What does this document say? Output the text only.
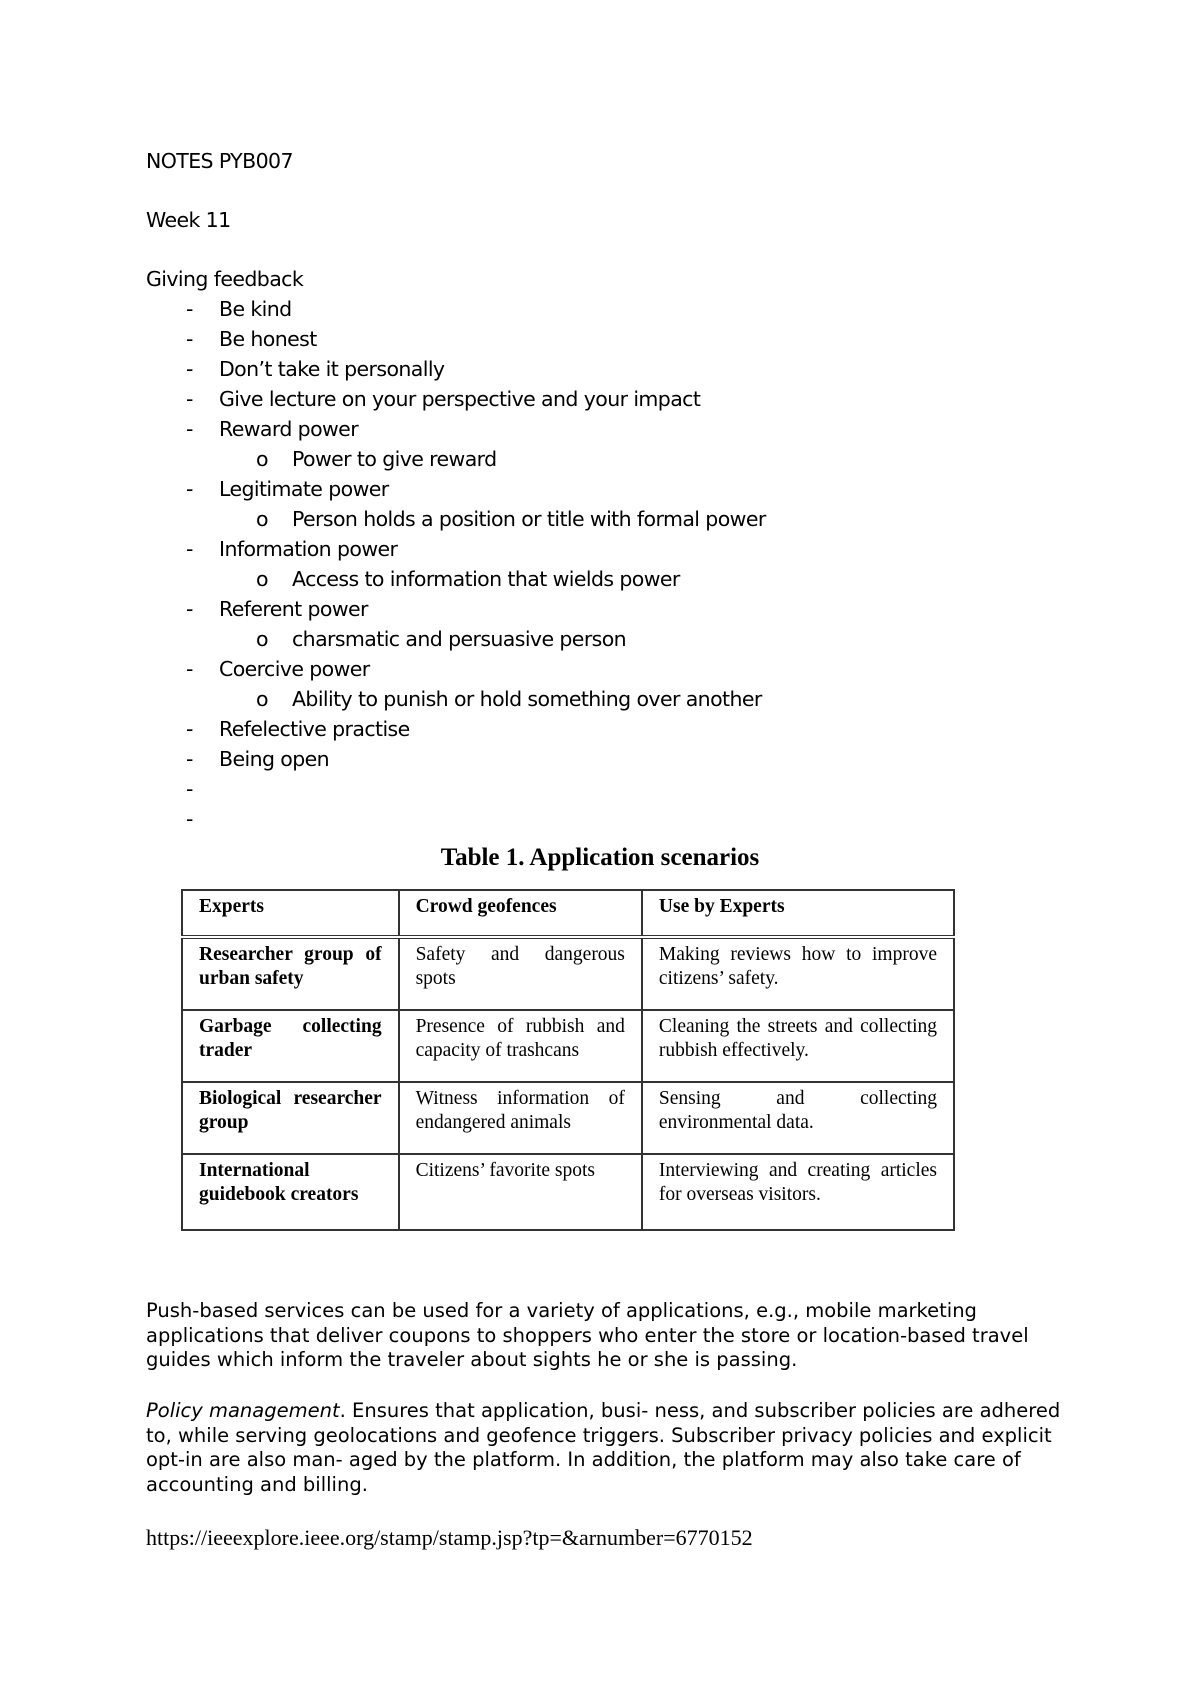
NOTES PYB007
Week 11
Giving feedback
- Be kind
- Be honest
- Don’t take it personally
- Give lecture on your perspective and your impact
- Reward power
o Power to give reward
- Legitimate power
o Person holds a position or title with formal power
- Information power
o Access to information that wields power
- Referent power
o charsmatic and persuasive person
- Coercive power
o Ability to punish or hold something over another
- Refelective practise
- Being open
-
-
Table 1. Application scenarios
Experts	Crowd geofences	Use by Experts
Researcher group of urban safety	Safety and dangerous spots	Making reviews how to improve citizens’ safety.
Garbage collecting trader	Presence of rubbish and capacity of trashcans	Cleaning the streets and collecting rubbish effectively.
Biological researcher group	Witness information of endangered animals	Sensing and collecting environmental data.
International guidebook creators	Citizens’ favorite spots	Interviewing and creating articles for overseas visitors.

Push-based services can be used for a variety of applications, e.g., mobile marketing applications that deliver coupons to shoppers who enter the store or location-based travel guides which inform the traveler about sights he or she is passing.

Policy management. Ensures that application, busi- ness, and subscriber policies are adhered to, while serving geolocations and geofence triggers. Subscriber privacy policies and explicit opt-in are also man- aged by the platform. In addition, the platform may also take care of accounting and billing.

https://ieeexplore.ieee.org/stamp/stamp.jsp?tp=&arnumber=6770152
